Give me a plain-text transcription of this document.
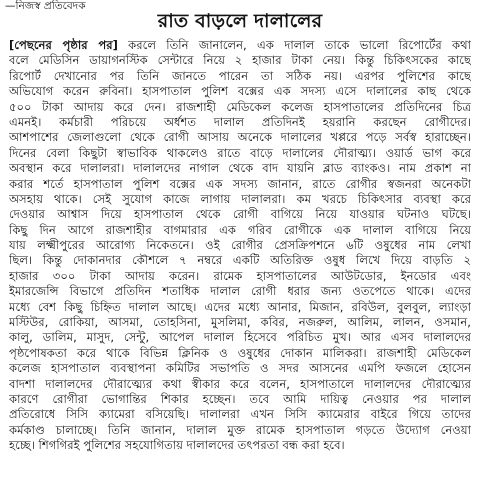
—নিজস্ব প্রতিবেদক
রাত বাড়লে দালালের
[পেছনের পৃষ্ঠার পর] করলে তিনি জানালেন, এক দালাল তাকে ভালো রিপোর্টের কথা
বলে মেডিসিন ডায়াগনস্টিক সেন্টারে নিয়ে ২ হাজার টাকা নেয়। কিন্তু চিকিৎসকের কাছে
রিপোর্ট দেখানোর পর তিনি জানতে পারেন তা সঠিক নয়। এরপর পুলিশের কাছে
অভিযোগ করেন রুবিনা। হাসপাতাল পুলিশ বক্সের এক সদস্য এসে দালালের কাছ থেকে
৫০০ টাকা আদায় করে দেন। রাজশাহী মেডিকেল কলেজ হাসপাতালের প্রতিদিনের চিত্র
এমনই। কর্মচারী পরিচয়ে অর্ধশত দালাল প্রতিদিনই হয়রানি করছেন রোগীদের।
আশপাশের জেলাগুলো থেকে রোগী আসায় অনেকে দালালের খপ্পরে পড়ে সর্বস্ব হারাচ্ছেন।
দিনের বেলা কিছুটা স্বাভাবিক থাকলেও রাতে বাড়ে দালালের দৌরাত্ম্য। ওয়ার্ড ভাগ করে
অবস্থান করে দালালরা। দালালদের নাগাল থেকে বাদ যায়নি ব্লাড ব্যাংকও। নাম প্রকাশ না
করার শর্তে হাসপাতাল পুলিশ বক্সের এক সদস্য জানান, রাতে রোগীর স্বজনরা অনেকটা
অসহায় থাকে। সেই সুযোগ কাজে লাগায় দালালরা। কম খরচে চিকিৎসার ব্যবস্থা করে
দেওয়ার আশ্বাস দিয়ে হাসপাতাল থেকে রোগী বাগিয়ে নিয়ে যাওয়ার ঘটনাও ঘটছে।
কিছু দিন আগে রাজশাহীর বাগমারার এক গরিব রোগীকে এক দালাল বাগিয়ে নিয়ে
যায় লক্ষ্মীপুরের আরোগ্য নিকেতনে। ওই রোগীর প্রেসক্রিপশনে ৬টি ওষুধের নাম লেখা
ছিল। কিন্তু দোকানদার কৌশলে ৭ নম্বরে একটি অতিরিক্ত ওষুধ লিখে দিয়ে বাড়তি ২
হাজার ৩০০ টাকা আদায় করেন। রামেক হাসপাতালের আউটডোর, ইনডোর এবং
ইমারজেন্সি বিভাগে প্রতিদিন শতাধিক দালাল রোগী ধরার জন্য ওতপেতে থাকে। এদের
মধ্যে বেশ কিছু চিহ্নিত দালাল আছে। এদের মধ্যে আনার, মিজান, রবিউল, বুলবুল, ল্যাংড়া
মস্টিউর, রোকিয়া, আসমা, তোহসিনা, মুসলিমা, কবির, নজরুল, আলিম, লালন, ওসমান,
কালু, ডালিম, মাসুদ, সেন্টু, আপেল দালাল হিসেবে পরিচিত মুখ। আর এসব দালালদের
পৃষ্ঠপোষকতা করে থাকে বিভিন্ন ক্লিনিক ও ওষুধের দোকান মালিকরা। রাজশাহী মেডিকেল
কলেজ হাসপাতাল ব্যবস্থাপনা কমিটির সভাপতি ও সদর আসনের এমপি ফজলে হোসেন
বাদশা দালালদের দৌরাত্ম্যের কথা স্বীকার করে বলেন, হাসপাতালে দালালদের দৌরাত্ম্যের
কারণে রোগীরা ভোগান্তির শিকার হচ্ছেন। তবে আমি দায়িত্ব নেওয়ার পর দালাল
প্রতিরোধে সিসি ক্যামেরা বসিয়েছি। দালালরা এখন সিসি ক্যামেরার বাইরে গিয়ে তাদের
কর্মকাণ্ড চালাচ্ছে। তিনি জানান, দালাল মুক্ত রামেক হাসপাতাল গড়তে উদ্যোগ নেওয়া
হচ্ছে। শিগগিরই পুলিশের সহযোগিতায় দালালদের তৎপরতা বন্ধ করা হবে।
